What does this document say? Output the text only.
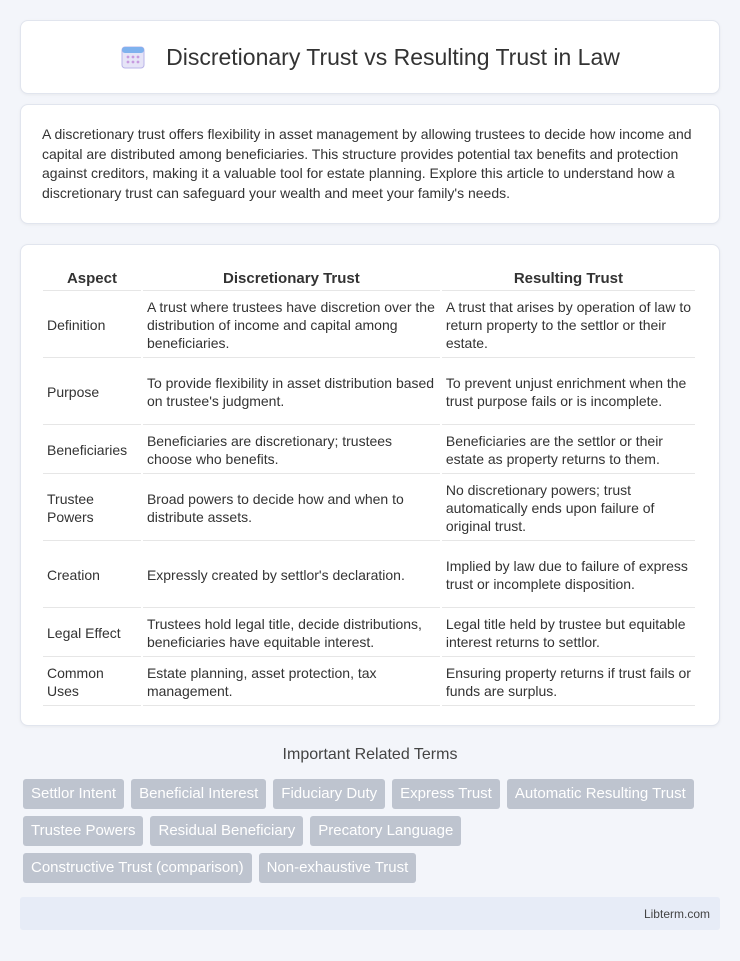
Discretionary Trust vs Resulting Trust in Law

A discretionary trust offers flexibility in asset management by allowing trustees to decide how income and capital are distributed among beneficiaries. This structure provides potential tax benefits and protection against creditors, making it a valuable tool for estate planning. Explore this article to understand how a discretionary trust can safeguard your wealth and meet your family's needs.

Aspect	Discretionary Trust	Resulting Trust
Definition	A trust where trustees have discretion over the distribution of income and capital among beneficiaries.	A trust that arises by operation of law to return property to the settlor or their estate.
Purpose	To provide flexibility in asset distribution based on trustee's judgment.	To prevent unjust enrichment when the trust purpose fails or is incomplete.
Beneficiaries	Beneficiaries are discretionary; trustees choose who benefits.	Beneficiaries are the settlor or their estate as property returns to them.
Trustee Powers	Broad powers to decide how and when to distribute assets.	No discretionary powers; trust automatically ends upon failure of original trust.
Creation	Expressly created by settlor's declaration.	Implied by law due to failure of express trust or incomplete disposition.
Legal Effect	Trustees hold legal title, decide distributions, beneficiaries have equitable interest.	Legal title held by trustee but equitable interest returns to settlor.
Common Uses	Estate planning, asset protection, tax management.	Ensuring property returns if trust fails or funds are surplus.
Important Related Terms
Settlor Intent	Beneficial Interest	Fiduciary Duty	Express Trust	Automatic Resulting Trust
Trustee Powers	Residual Beneficiary	Precatory Language
Constructive Trust (comparison)	Non-exhaustive Trust
Libterm.com
